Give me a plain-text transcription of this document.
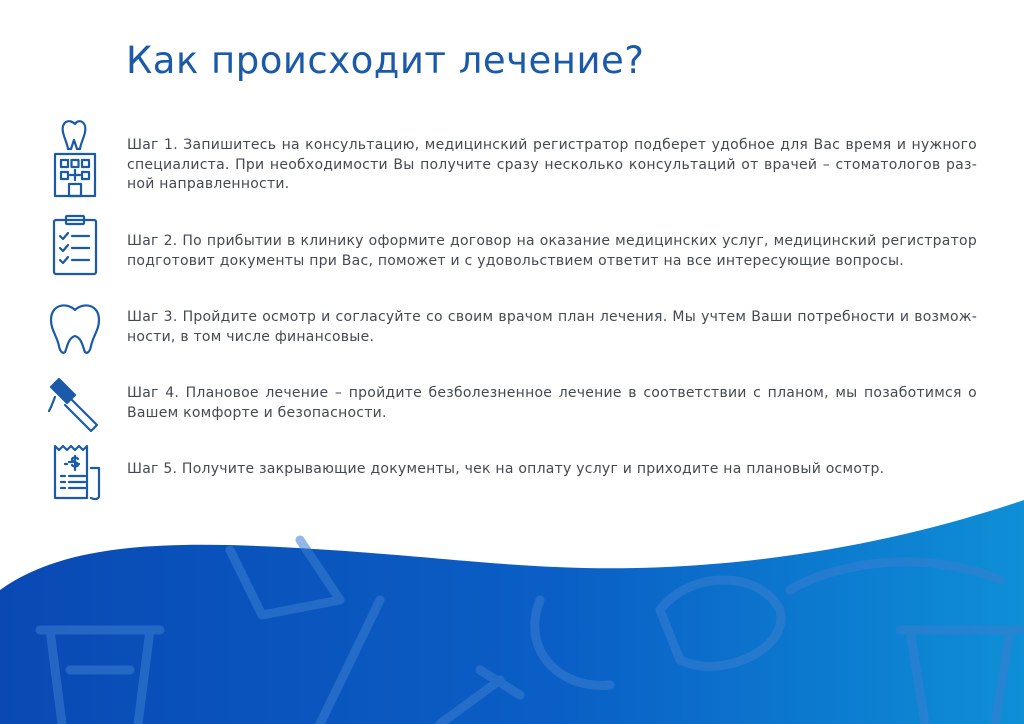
Как происходит лечение?
Шаг 1. Запишитесь на консультацию, медицинский регистратор подберет удобное для Вас время и нужного специалиста. При необходимости Вы получите сразу несколько консультаций от врачей – стоматологов раз-ной направленности.
Шаг 2. По прибытии в клинику оформите договор на оказание медицинских услуг, медицинский регистратор подготовит документы при Вас, поможет и с удовольствием ответит на все интересующие вопросы.
Шаг 3. Пройдите осмотр и согласуйте со своим врачом план лечения. Мы учтем Ваши потребности и возмож-ности, в том числе финансовые.
Шаг 4. Плановое лечение – пройдите безболезненное лечение в соответствии с планом, мы позаботимся о Вашем комфорте и безопасности.
Шаг 5. Получите закрывающие документы, чек на оплату услуг и приходите на плановый осмотр.
